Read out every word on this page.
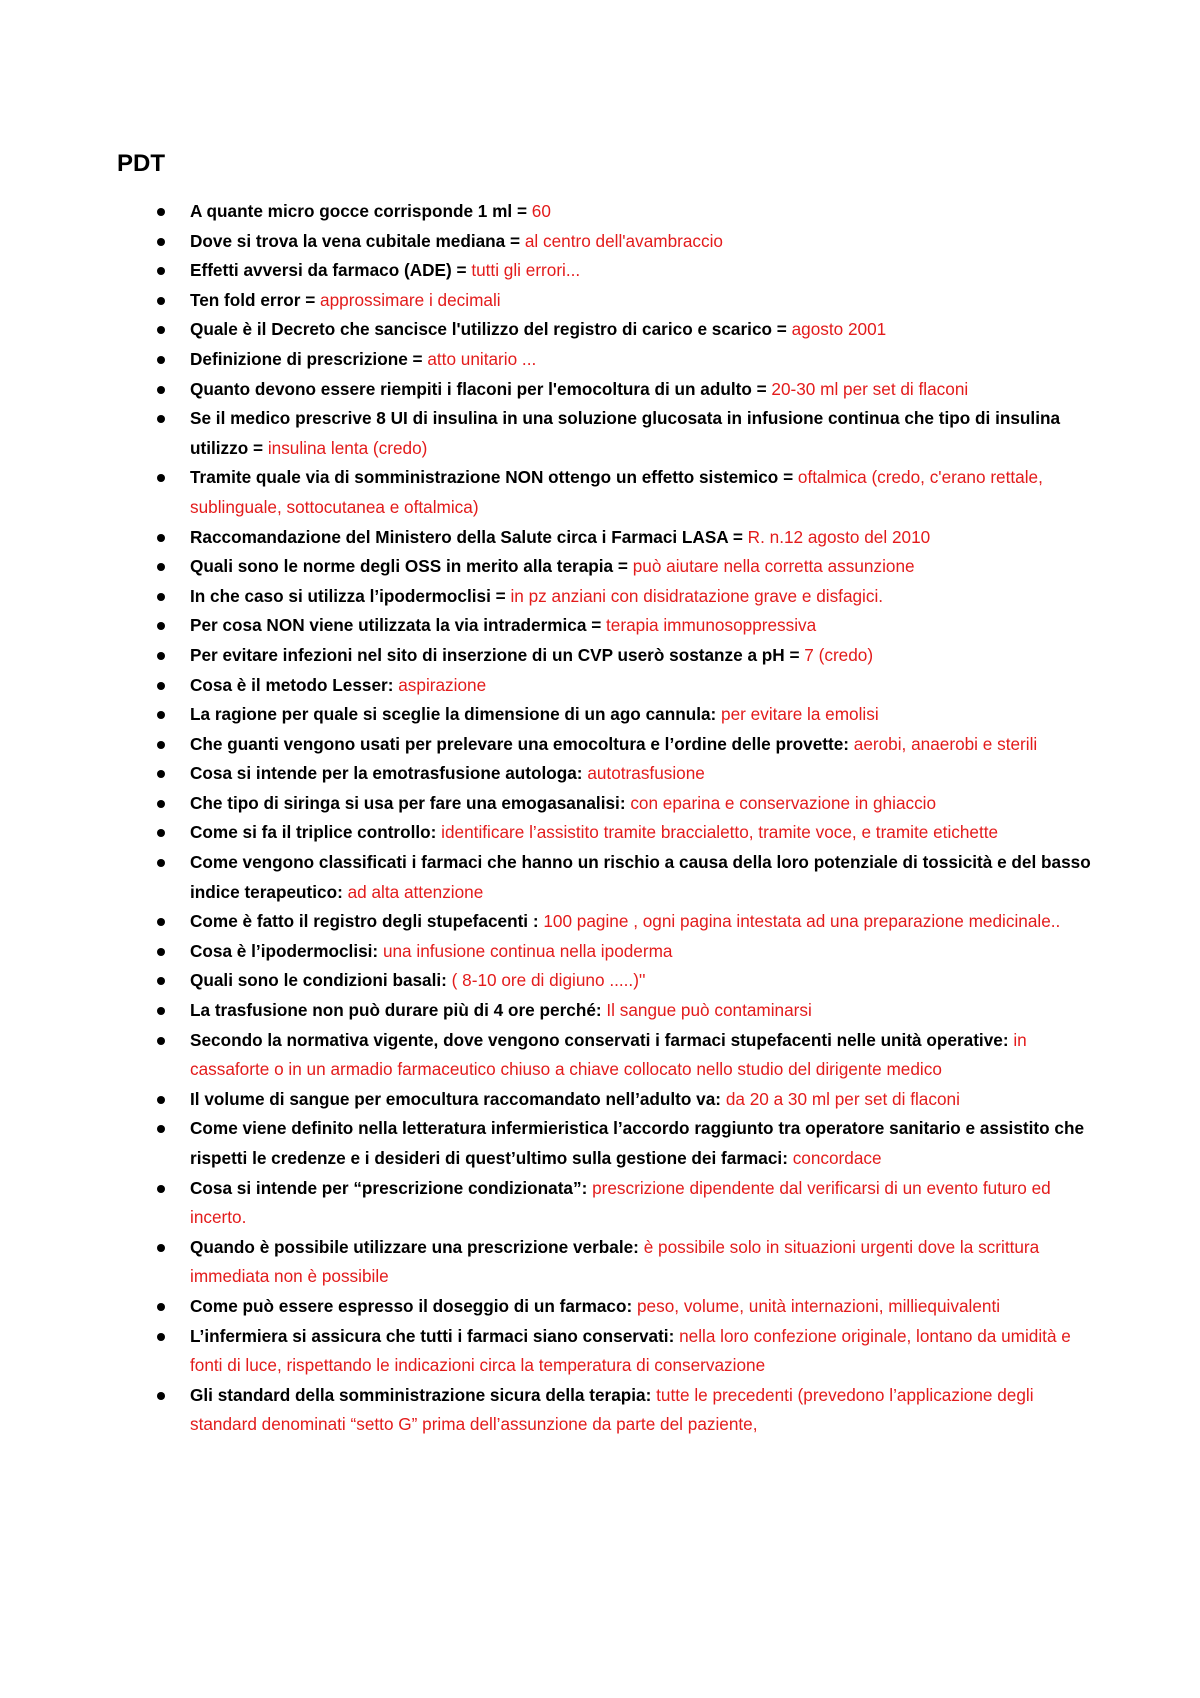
PDT
A quante micro gocce corrisponde 1 ml = 60
Dove si trova la vena cubitale mediana = al centro dell'avambraccio
Effetti avversi da farmaco (ADE) = tutti gli errori...
Ten fold error = approssimare i decimali
Quale è il Decreto che sancisce l'utilizzo del registro di carico e scarico = agosto 2001
Definizione di prescrizione = atto unitario ...
Quanto devono essere riempiti i flaconi per l'emocoltura di un adulto = 20-30 ml per set di flaconi
Se il medico prescrive 8 UI di insulina in una soluzione glucosata in infusione continua che tipo di insulina utilizzo = insulina lenta (credo)
Tramite quale via di somministrazione NON ottengo un effetto sistemico = oftalmica (credo, c'erano rettale, sublinguale, sottocutanea e oftalmica)
Raccomandazione del Ministero della Salute circa i Farmaci LASA = R. n.12 agosto del 2010
Quali sono le norme degli OSS in merito alla terapia = può aiutare nella corretta assunzione
In che caso si utilizza l’ipodermoclisi = in pz anziani con disidratazione grave e disfagici.
Per cosa NON viene utilizzata la via intradermica = terapia immunosoppressiva
Per evitare infezioni nel sito di inserzione di un CVP userò sostanze a pH = 7 (credo)
Cosa è il metodo Lesser: aspirazione
La ragione per quale si sceglie la dimensione di un ago cannula: per evitare la emolisi
Che guanti vengono usati per prelevare una emocoltura e l’ordine delle provette: aerobi, anaerobi e sterili
Cosa si intende per la emotrasfusione autologa: autotrasfusione
Che tipo di siringa si usa per fare una emogasanalisi: con eparina e conservazione in ghiaccio
Come si fa il triplice controllo: identificare l’assistito tramite braccialetto, tramite voce, e tramite etichette
Come vengono classificati i farmaci che hanno un rischio a causa della loro potenziale di tossicità e del basso indice terapeutico: ad alta attenzione
Come è fatto il registro degli stupefacenti : 100 pagine , ogni pagina intestata ad una preparazione medicinale..
Cosa è l’ipodermoclisi: una infusione continua nella ipoderma
Quali sono le condizioni basali: ( 8-10 ore di digiuno .....)''
La trasfusione non può durare più di 4 ore perché: Il sangue può contaminarsi
Secondo la normativa vigente, dove vengono conservati i farmaci stupefacenti nelle unità operative: in cassaforte o in un armadio farmaceutico chiuso a chiave collocato nello studio del dirigente medico
Il volume di sangue per emocultura raccomandato nell’adulto va: da 20 a 30 ml per set di flaconi
Come viene definito nella letteratura infermieristica l’accordo raggiunto tra operatore sanitario e assistito che rispetti le credenze e i desideri di quest’ultimo sulla gestione dei farmaci: concordace
Cosa si intende per “prescrizione condizionata”: prescrizione dipendente dal verificarsi di un evento futuro ed incerto.
Quando è possibile utilizzare una prescrizione verbale: è possibile solo in situazioni urgenti dove la scrittura immediata non è possibile
Come può essere espresso il doseggio di un farmaco: peso, volume, unità internazioni, milliequivalenti
L’infermiera si assicura che tutti i farmaci siano conservati: nella loro confezione originale, lontano da umidità e fonti di luce, rispettando le indicazioni circa la temperatura di conservazione
Gli standard della somministrazione sicura della terapia: tutte le precedenti (prevedono l’applicazione degli standard denominati “setto G” prima dell’assunzione da parte del paziente,
